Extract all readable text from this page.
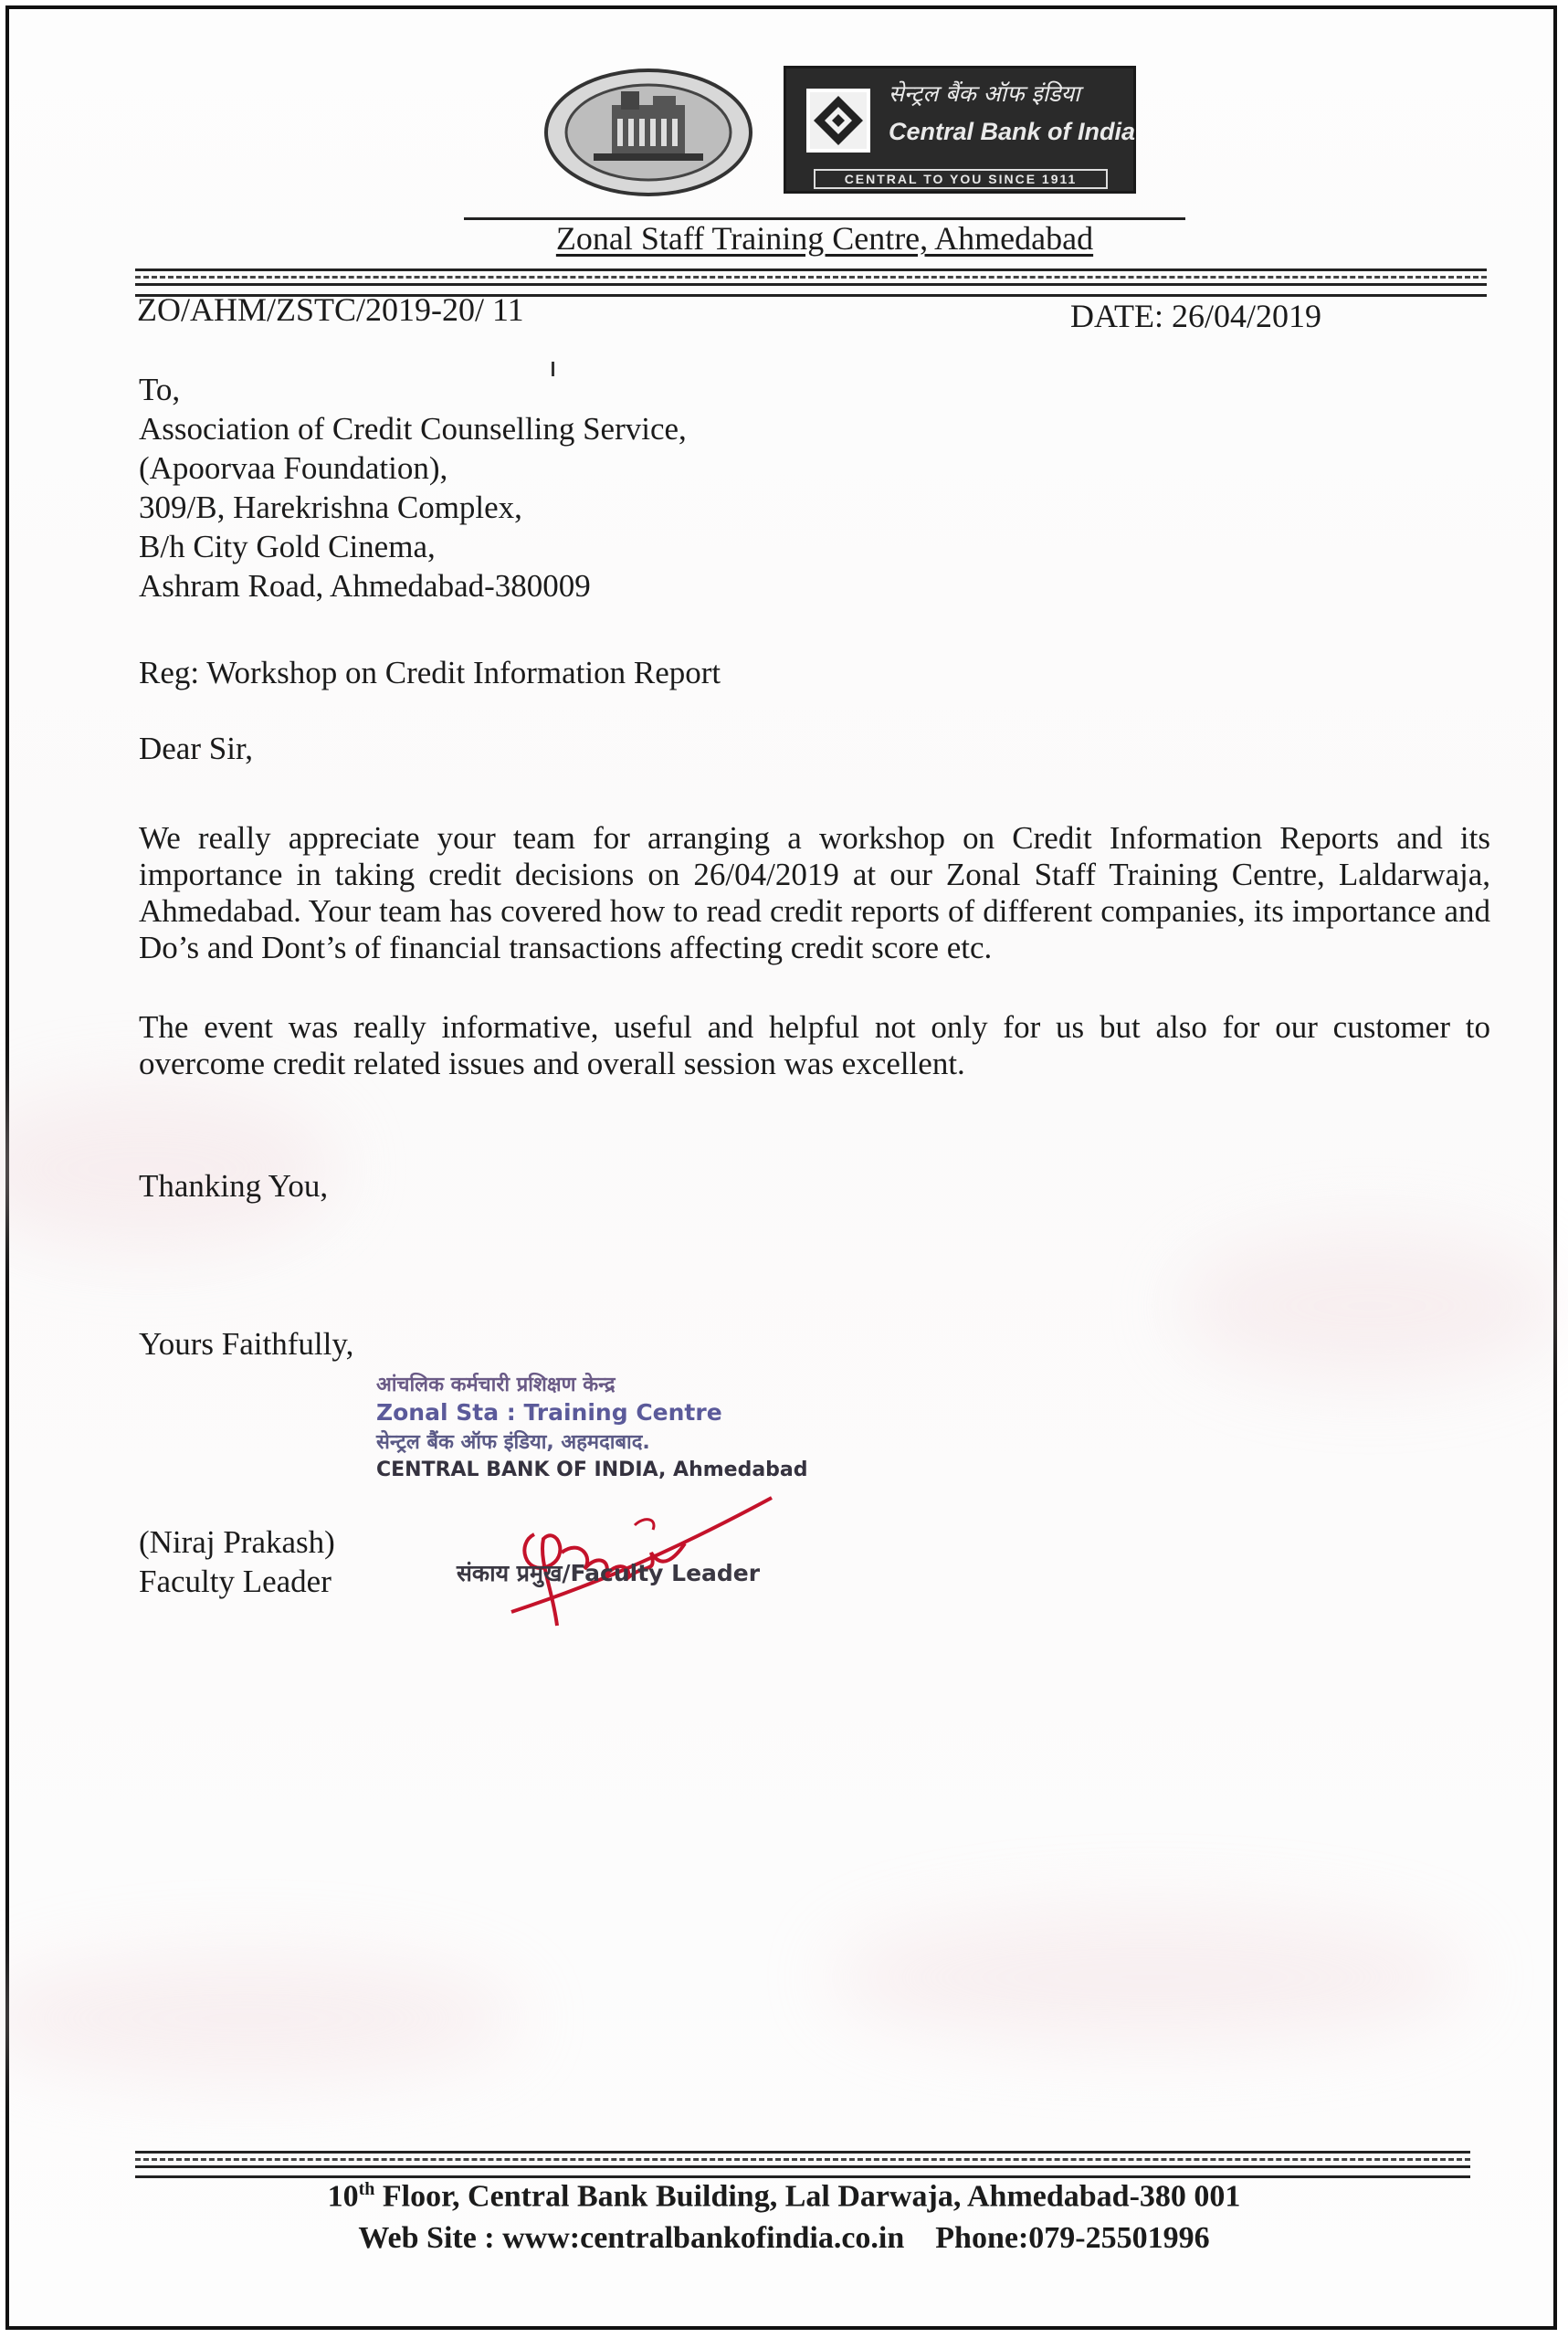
सेन्ट्रल बैंक ऑफ इंडिया
Central Bank of India
CENTRAL TO YOU SINCE 1911
Zonal Staff Training Centre, Ahmedabad
ZO/AHM/ZSTC/2019-20/ 11	DATE: 26/04/2019
To,
Association of Credit Counselling Service,
(Apoorvaa Foundation),
309/B, Harekrishna Complex,
B/h City Gold Cinema,
Ashram Road, Ahmedabad-380009
Reg: Workshop on Credit Information Report
Dear Sir,
We really appreciate your team for arranging a workshop on Credit Information Reports and its importance in taking credit decisions on 26/04/2019 at our Zonal Staff Training Centre, Laldarwaja, Ahmedabad. Your team has covered how to read credit reports of different companies, its importance and Do’s and Dont’s of financial transactions affecting credit score etc.
The event was really informative, useful and helpful not only for us but also for our customer to overcome credit related issues and overall session was excellent.
Thanking You,
Yours Faithfully,
आंचलिक कर्मचारी प्रशिक्षण केन्द्र
Zonal Sta : Training Centre
सेन्ट्रल बैंक ऑफ इंडिया, अहमदाबाद.
CENTRAL BANK OF INDIA, Ahmedabad
(Niraj Prakash)
Faculty Leader	संकाय प्रमुख/Faculty Leader
10th Floor, Central Bank Building, Lal Darwaja, Ahmedabad-380 001
Web Site : www:centralbankofindia.co.in Phone:079-25501996
